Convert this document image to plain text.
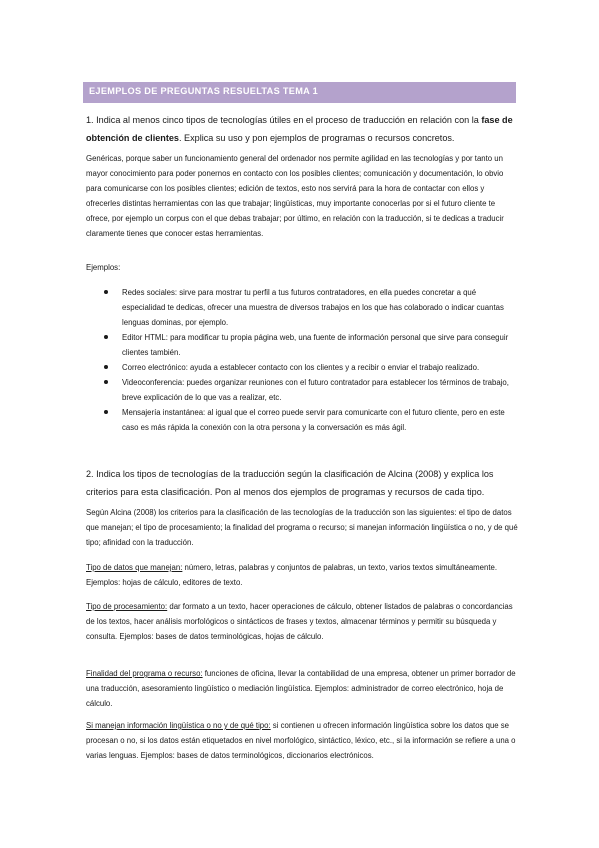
EJEMPLOS DE PREGUNTAS RESUELTAS TEMA 1
1. Indica al menos cinco tipos de tecnologías útiles en el proceso de traducción en relación con la fase de obtención de clientes. Explica su uso y pon ejemplos de programas o recursos concretos.
Genéricas, porque saber un funcionamiento general del ordenador nos permite agilidad en las tecnologías y por tanto un mayor conocimiento para poder ponernos en contacto con los posibles clientes; comunicación y documentación, lo obvio para comunicarse con los posibles clientes; edición de textos, esto nos servirá para la hora de contactar con ellos y ofrecerles distintas herramientas con las que trabajar; lingüísticas, muy importante conocerlas por si el futuro cliente te ofrece, por ejemplo un corpus con el que debas trabajar; por último, en relación con la traducción, si te dedicas a traducir claramente tienes que conocer estas herramientas.
Ejemplos:
Redes sociales: sirve para mostrar tu perfil a tus futuros contratadores, en ella puedes concretar a qué especialidad te dedicas, ofrecer una muestra de diversos trabajos en los que has colaborado o indicar cuantas lenguas dominas, por ejemplo.
Editor HTML: para modificar tu propia página web, una fuente de información personal que sirve para conseguir clientes también.
Correo electrónico: ayuda a establecer contacto con los clientes y a recibir o enviar el trabajo realizado.
Videoconferencia: puedes organizar reuniones con el futuro contratador para establecer los términos de trabajo, breve explicación de lo que vas a realizar, etc.
Mensajería instantánea: al igual que el correo puede servir para comunicarte con el futuro cliente, pero en este caso es más rápida la conexión con la otra persona y la conversación es más ágil.
2. Indica los tipos de tecnologías de la traducción según la clasificación de Alcina (2008) y explica los criterios para esta clasificación. Pon al menos dos ejemplos de programas y recursos de cada tipo.
Según Alcina (2008) los criterios para la clasificación de las tecnologías de la traducción son las siguientes: el tipo de datos que manejan; el tipo de procesamiento; la finalidad del programa o recurso; si manejan información lingüística o no, y de qué tipo; afinidad con la traducción.
Tipo de datos que manejan: número, letras, palabras y conjuntos de palabras, un texto, varios textos simultáneamente. Ejemplos: hojas de cálculo, editores de texto.
Tipo de procesamiento: dar formato a un texto, hacer operaciones de cálculo, obtener listados de palabras o concordancias de los textos, hacer análisis morfológicos o sintácticos de frases y textos, almacenar términos y permitir su búsqueda y consulta. Ejemplos: bases de datos terminológicas, hojas de cálculo.
Finalidad del programa o recurso: funciones de oficina, llevar la contabilidad de una empresa, obtener un primer borrador de una traducción, asesoramiento lingüístico o mediación lingüística. Ejemplos: administrador de correo electrónico, hoja de cálculo.
Si manejan información lingüística o no y de qué tipo: si contienen u ofrecen información lingüística sobre los datos que se procesan o no, si los datos están etiquetados en nivel morfológico, sintáctico, léxico, etc., si la información se refiere a una o varias lenguas. Ejemplos: bases de datos terminológicos, diccionarios electrónicos.
